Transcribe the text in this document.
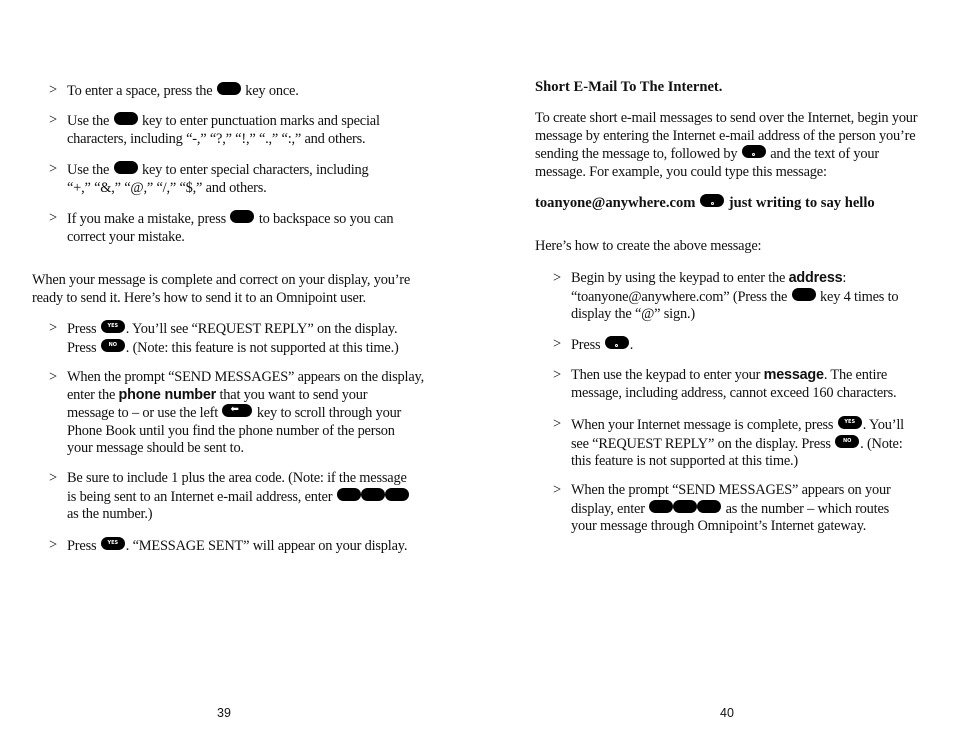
> To enter a space, press the key once.
> Use the key to enter punctuation marks and special
characters, including “-,” “?,” “!,” “.,” “:,” and others.
> Use the key to enter special characters, including
“+,” “&,” “@,” “/,” “$,” and others.
> If you make a mistake, press to backspace so you can
correct your mistake.
When your message is complete and correct on your display, you’re
ready to send it. Here’s how to send it to an Omnipoint user.
> Press	YES . You’ll see “REQUEST REPLY” on the display.
Press	NO . (Note: this feature is not supported at this time.)
> When the prompt “SEND MESSAGES” appears on the display,
enter the phone number that you want to send your
message to – or use the left ⬅ key to scroll through your
Phone Book until you find the phone number of the person
your message should be sent to.
> Be sure to include 1 plus the area code. (Note: if the message
is being sent to an Internet e-mail address, enter
as the number.)
> Press	YES . “MESSAGE SENT” will appear on your display.
39
Short E-Mail To The Internet.
To create short e-mail messages to send over the Internet, begin your
message by entering the Internet e-mail address of the person you’re
sending the message to, followed by and the text of your
message. For example, you could type this message:
toanyone@anywhere.com just writing to say hello
Here’s how to create the above message:
> Begin by using the keypad to enter the address:
“toanyone@anywhere.com” (Press the key 4 times to
display the “@” sign.)
> Press .
> Then use the keypad to enter your message. The entire
message, including address, cannot exceed 160 characters.
> When your Internet message is complete, press	YES . You’ll
see “REQUEST REPLY” on the display. Press	NO . (Note:
this feature is not supported at this time.)
> When the prompt “SEND MESSAGES” appears on your
display, enter	as the number – which routes
your message through Omnipoint’s Internet gateway.
40
